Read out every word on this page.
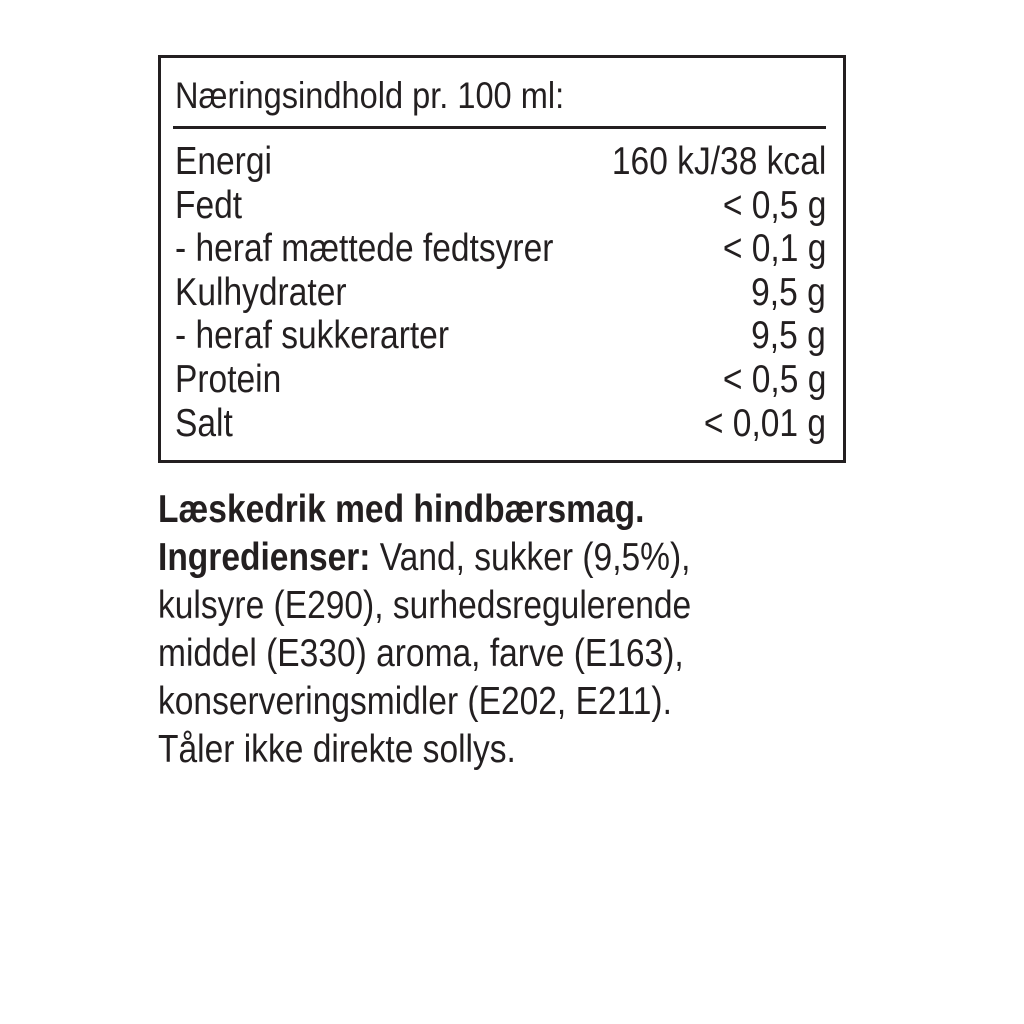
Næringsindhold pr. 100 ml:
Energi	160 kJ/38 kcal
Fedt	< 0,5 g
- heraf mættede fedtsyrer	< 0,1 g
Kulhydrater	9,5 g
- heraf sukkerarter	9,5 g
Protein	< 0,5 g
Salt	< 0,01 g
Læskedrik med hindbærsmag.
Ingredienser: Vand, sukker (9,5%),
kulsyre (E290), surhedsregulerende
middel (E330) aroma, farve (E163),
konserveringsmidler (E202, E211).
Tåler ikke direkte sollys.
